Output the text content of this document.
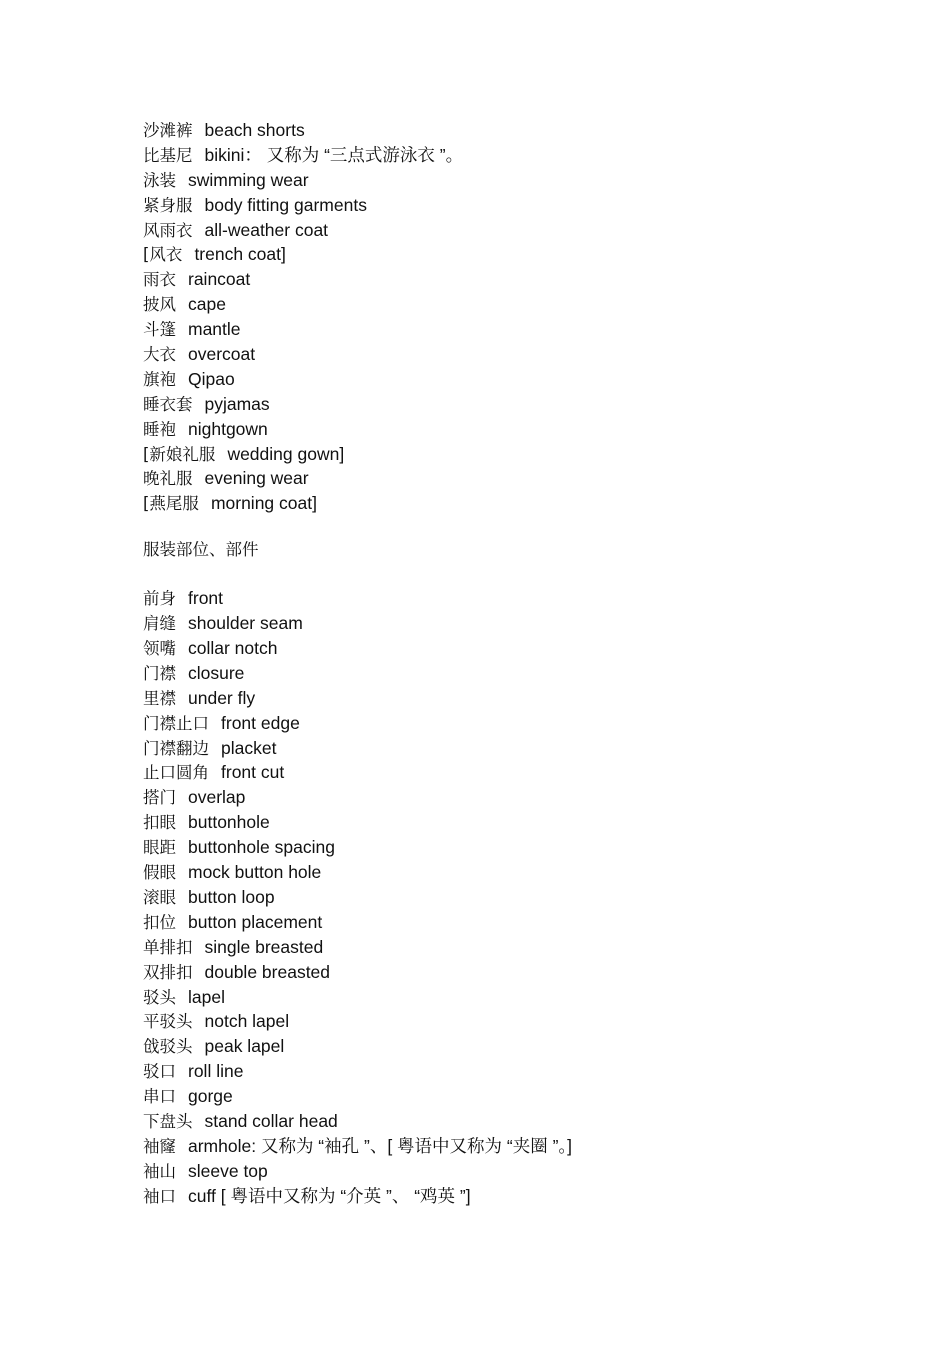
沙滩裤 beach shorts
比基尼 bikini： 又称为 “三点式游泳衣 ”。
泳装 swimming wear
紧身服 body fitting garments
风雨衣 all-weather coat
[风衣 trench coat]
雨衣 raincoat
披风 cape
斗篷 mantle
大衣 overcoat
旗袍 Qipao
睡衣套 pyjamas
睡袍 nightgown
[新娘礼服 wedding gown]
晚礼服 evening wear
[燕尾服 morning coat]
服装部位、部件
前身 front
肩缝 shoulder seam
领嘴 collar notch
门襟 closure
里襟 under fly
门襟止口 front edge
门襟翻边 placket
止口圆角 front cut
搭门 overlap
扣眼 buttonhole
眼距 buttonhole spacing
假眼 mock button hole
滚眼 button loop
扣位 button placement
单排扣 single breasted
双排扣 double breasted
驳头 lapel
平驳头 notch lapel
戗驳头 peak lapel
驳口 roll line
串口 gorge
下盘头 stand collar head
袖窿 armhole: 又称为 “袖孔 ”、[ 粤语中又称为 “夹圈 ”。]
袖山 sleeve top
袖口 cuff [ 粤语中又称为 “介英 ”、 “鸡英 ”]
